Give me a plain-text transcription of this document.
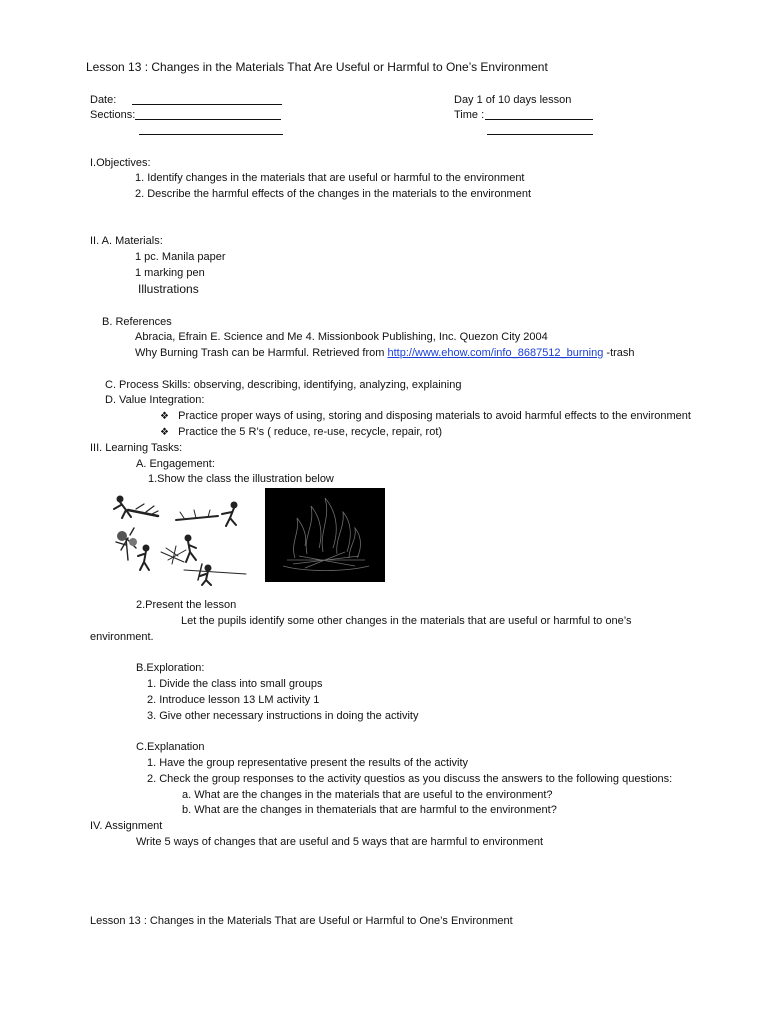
Lesson 13 : Changes in the Materials That Are Useful or Harmful to One’s Environment
Date:
Sections:
Day 1 of 10 days lesson
Time :
I.Objectives:
1. Identify changes in the materials that are useful or harmful to the environment
2. Describe the harmful effects of the changes in the materials to the environment
II. A. Materials:
1 pc. Manila paper
1 marking pen
Illustrations
B. References
Abracia, Efrain E. Science and Me 4. Missionbook Publishing, Inc. Quezon City 2004
Why Burning Trash can be Harmful. Retrieved from http://www.ehow.com/info_8687512_burning -trash
C. Process Skills: observing, describing, identifying, analyzing, explaining
D. Value Integration:
❖ Practice proper ways of using, storing and disposing materials to avoid harmful effects to the environment
❖ Practice the 5 R’s ( reduce, re-use, recycle, repair, rot)
III. Learning Tasks:
A. Engagement:
1.Show the class the illustration below
2.Present the lesson
Let the pupils identify some other changes in the materials that are useful or harmful to one’s
environment.
B.Exploration:
1. Divide the class into small groups
2. Introduce lesson 13 LM activity 1
3. Give other necessary instructions in doing the activity
C.Explanation
1. Have the group representative present the results of the activity
2. Check the group responses to the activity questios as you discuss the answers to the following questions:
a. What are the changes in the materials that are useful to the environment?
b. What are the changes in thematerials that are harmful to the environment?
IV. Assignment
Write 5 ways of changes that are useful and 5 ways that are harmful to environment
Lesson 13 : Changes in the Materials That are Useful or Harmful to One’s Environment
